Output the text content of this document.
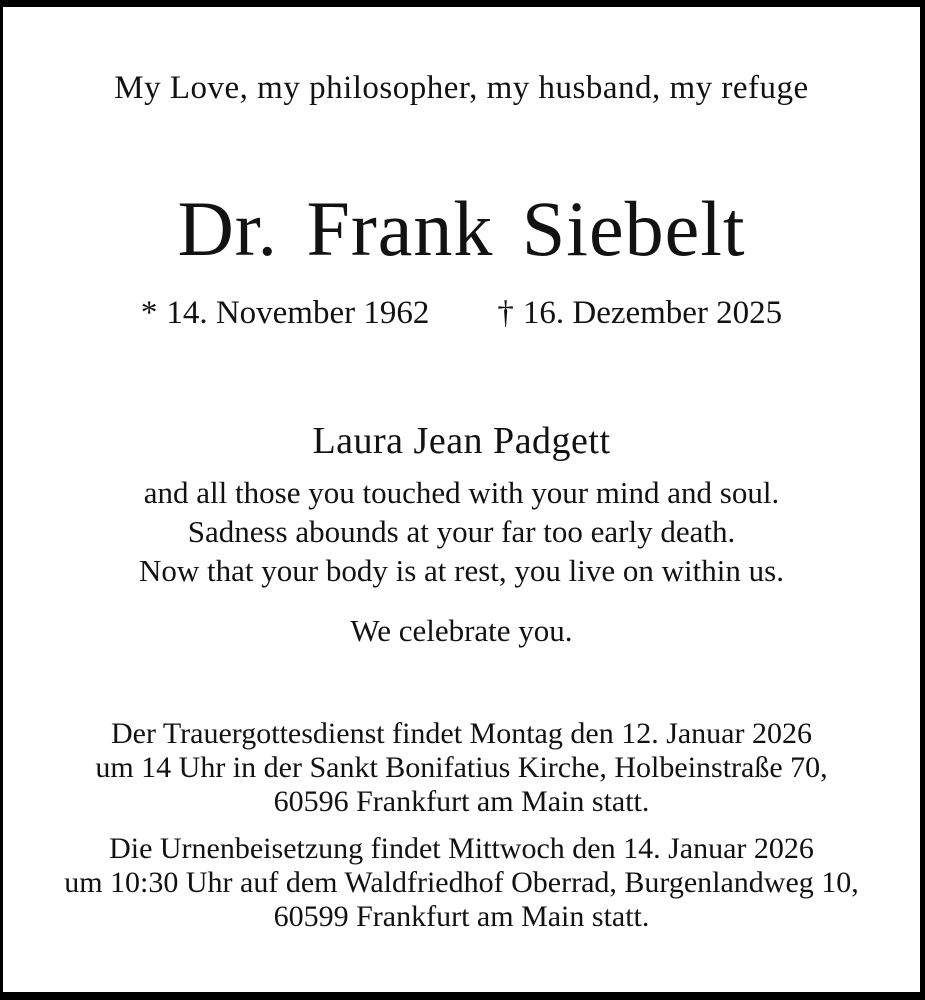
My Love, my philosopher, my husband, my refuge
Dr. Frank Siebelt
* 14. November 1962 † 16. Dezember 2025
Laura Jean Padgett
and all those you touched with your mind and soul.
Sadness abounds at your far too early death.
Now that your body is at rest, you live on within us.
We celebrate you.
Der Trauergottesdienst findet Montag den 12. Januar 2026
um 14 Uhr in der Sankt Bonifatius Kirche, Holbeinstraße 70,
60596 Frankfurt am Main statt.
Die Urnenbeisetzung findet Mittwoch den 14. Januar 2026
um 10:30 Uhr auf dem Waldfriedhof Oberrad, Burgenlandweg 10,
60599 Frankfurt am Main statt.
